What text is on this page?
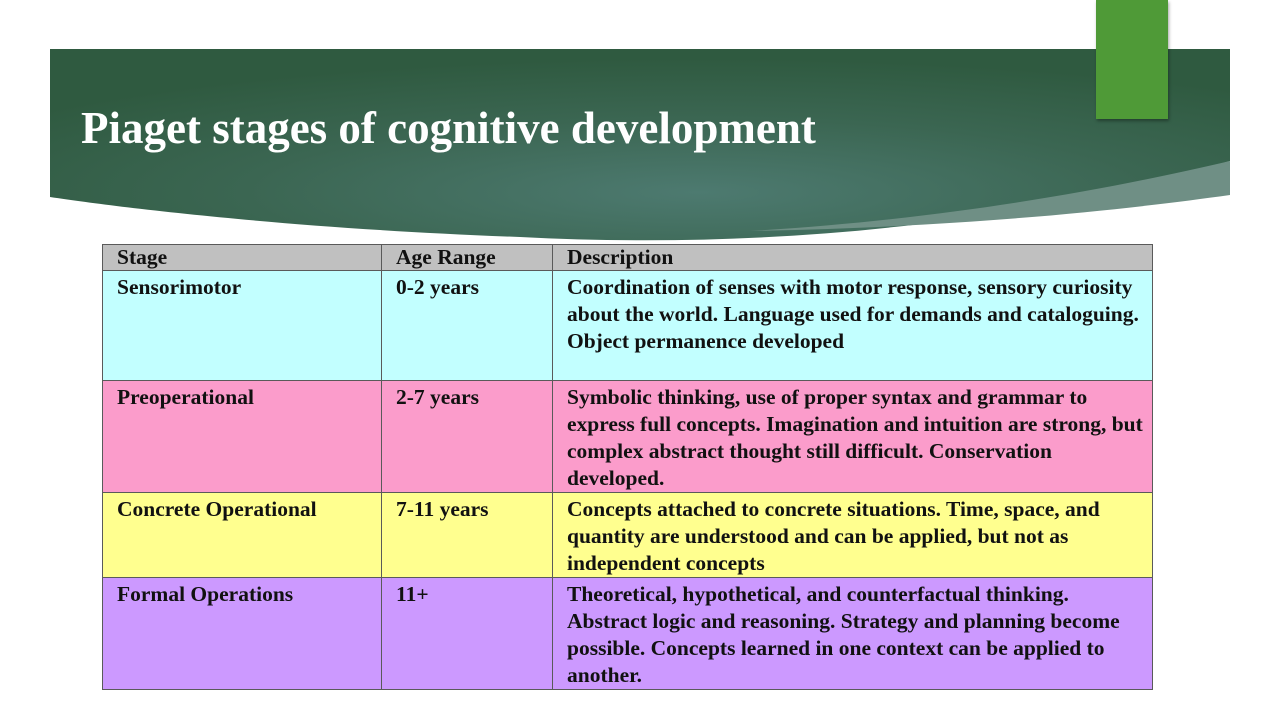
Piaget stages of cognitive development
Stage	Age Range	Description
Sensorimotor	0-2 years	Coordination of senses with motor response, sensory curiosity about the world. Language used for demands and cataloguing. Object permanence developed
Preoperational	2-7 years	Symbolic thinking, use of proper syntax and grammar to express full concepts. Imagination and intuition are strong, but complex abstract thought still difficult. Conservation developed.
Concrete Operational	7-11 years	Concepts attached to concrete situations. Time, space, and quantity are understood and can be applied, but not as independent concepts
Formal Operations	11+	Theoretical, hypothetical, and counterfactual thinking. Abstract logic and reasoning. Strategy and planning become possible. Concepts learned in one context can be applied to another.
